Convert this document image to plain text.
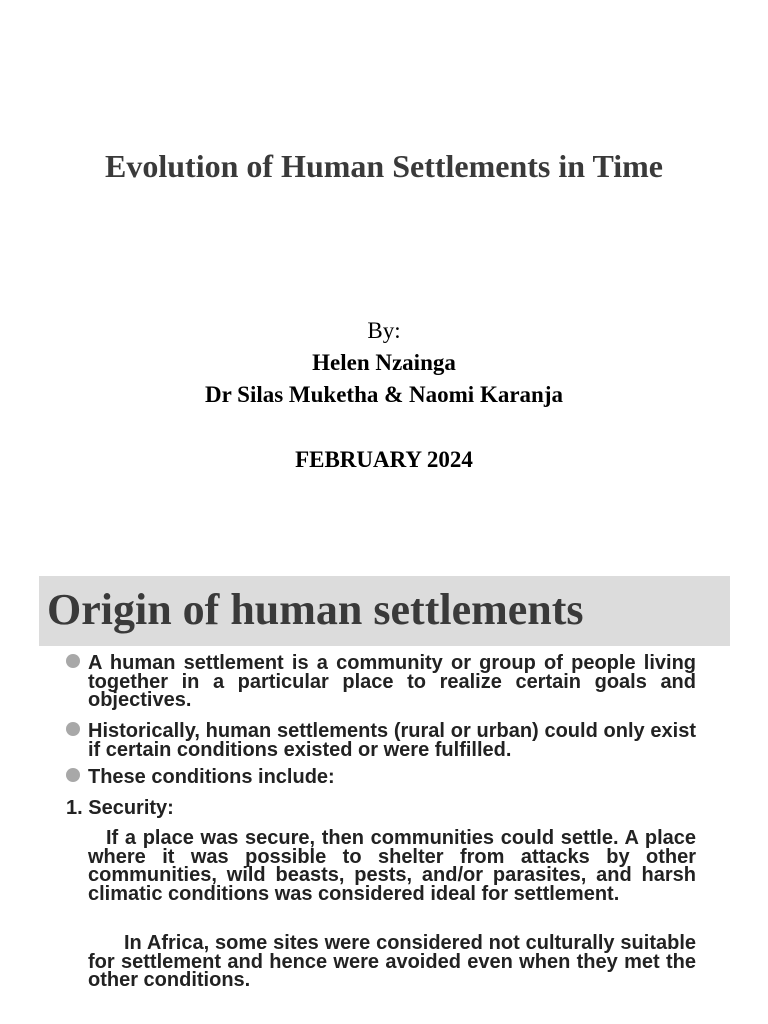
Evolution of Human Settlements in Time
By:
Helen Nzainga
Dr Silas Muketha & Naomi Karanja
FEBRUARY 2024
Origin of human settlements
A human settlement is a community or group of people living together in a particular place to realize certain goals and objectives.
Historically, human settlements (rural or urban) could only exist if certain conditions existed or were fulfilled.
These conditions include:
1. Security:
If a place was secure, then communities could settle. A place where it was possible to shelter from attacks by other communities, wild beasts, pests, and/or parasites, and harsh climatic conditions was considered ideal for settlement.
In Africa, some sites were considered not culturally suitable for settlement and hence were avoided even when they met the other conditions.
